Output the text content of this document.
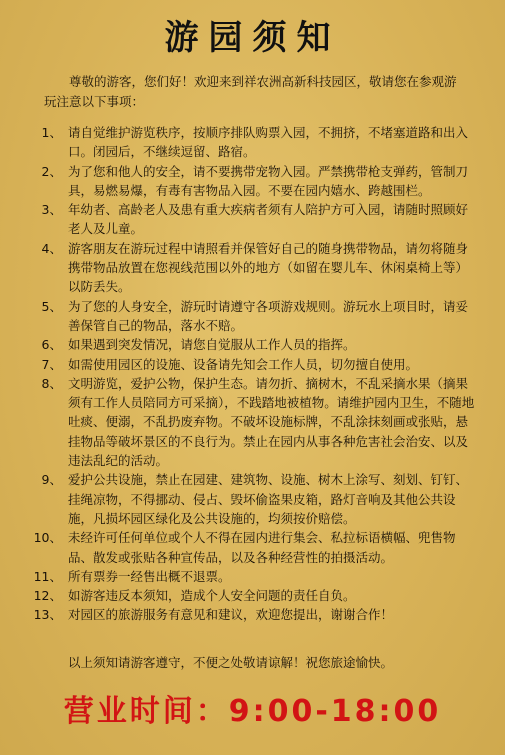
游园须知
尊敬的游客，您们好！欢迎来到祥农洲高新科技园区，敬请您在参观游玩注意以下事项：
1、 请自觉维护游览秩序，按顺序排队购票入园，不拥挤，不堵塞道路和出入口。闭园后，不继续逗留、路宿。
2、 为了您和他人的安全，请不要携带宠物入园。严禁携带枪支弹药，管制刀具，易燃易爆，有毒有害物品入园。不要在园内嬉水、跨越围栏。
3、 年幼者、高龄老人及患有重大疾病者须有人陪护方可入园，请随时照顾好老人及儿童。
4、 游客朋友在游玩过程中请照看并保管好自己的随身携带物品，请勿将随身携带物品放置在您视线范围以外的地方（如留在婴儿车、休闲桌椅上等）以防丢失。
5、 为了您的人身安全，游玩时请遵守各项游戏规则。游玩水上项目时，请妥善保管自己的物品，落水不赔。
6、 如果遇到突发情况，请您自觉服从工作人员的指挥。
7、 如需使用园区的设施、设备请先知会工作人员，切勿擅自使用。
8、 文明游览，爱护公物，保护生态。请勿折、摘树木，不乱采摘水果（摘果须有工作人员陪同方可采摘），不践踏地被植物。请维护园内卫生，不随地吐痰、便溺，不乱扔废弃物。不破坏设施标牌，不乱涂抹刻画或张贴，悬挂物品等破坏景区的不良行为。禁止在园内从事各种危害社会治安、以及违法乱纪的活动。
9、 爱护公共设施，禁止在园建、建筑物、设施、树木上涂写、刻划、钉钉、挂绳凉物，不得挪动、侵占、毁坏偷盗果皮箱，路灯音响及其他公共设施，凡损坏园区绿化及公共设施的，均须按价赔偿。
10、 未经许可任何单位或个人不得在园内进行集会、私拉标语横幅、兜售物品、散发或张贴各种宣传品，以及各种经营性的拍摄活动。
11、 所有票券一经售出概不退票。
12、 如游客违反本须知，造成个人安全问题的责任自负。
13、 对园区的旅游服务有意见和建议，欢迎您提出，谢谢合作！
以上须知请游客遵守，不便之处敬请谅解！祝您旅途愉快。
营业时间：9:00-18:00
